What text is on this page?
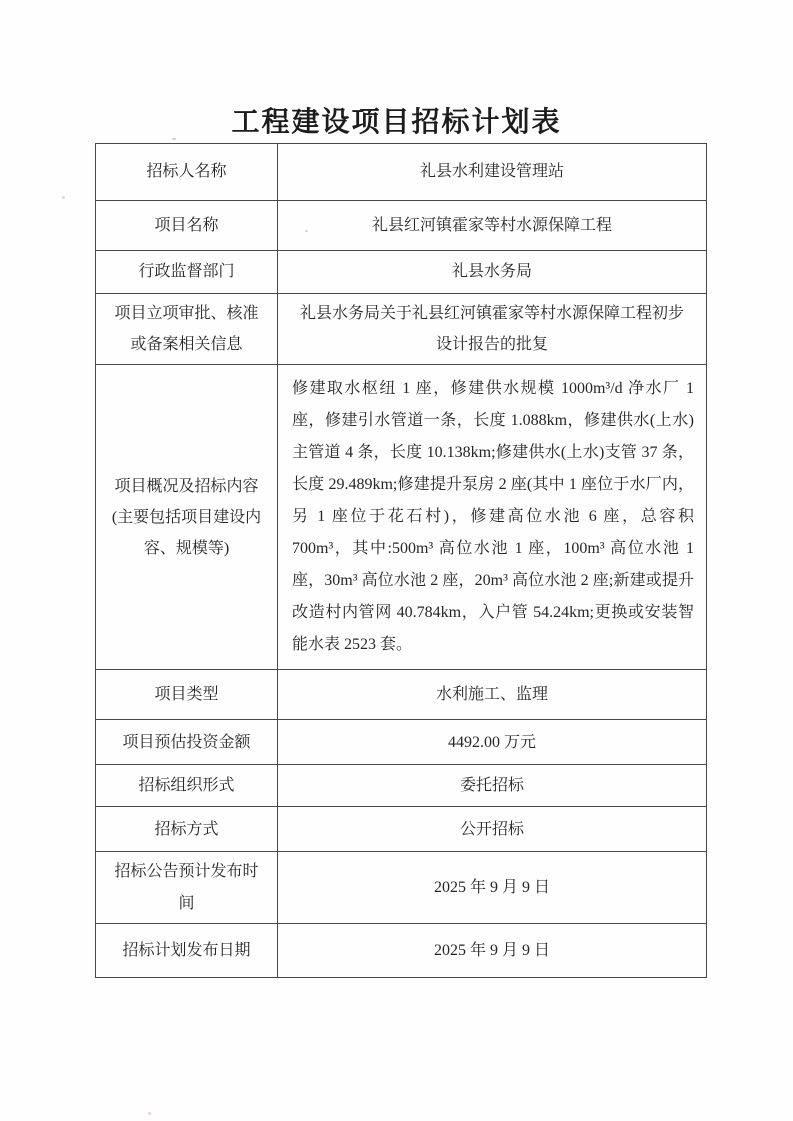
工程建设项目招标计划表
招标人名称	礼县水利建设管理站
项目名称	礼县红河镇霍家等村水源保障工程
行政监督部门	礼县水务局
项目立项审批、核准或备案相关信息	礼县水务局关于礼县红河镇霍家等村水源保障工程初步设计报告的批复
项目概况及招标内容(主要包括项目建设内容、规模等)	修建取水枢纽 1 座，修建供水规模 1000m³/d 净水厂 1 座，修建引水管道一条，长度 1.088km，修建供水(上水)主管道 4 条，长度 10.138km;修建供水(上水)支管 37 条，长度 29.489km;修建提升泵房 2 座(其中 1 座位于水厂内，另 1 座位于花石村)，修建高位水池 6 座，总容积 700m³，其中:500m³ 高位水池 1 座，100m³ 高位水池 1 座，30m³ 高位水池 2 座，20m³ 高位水池 2 座;新建或提升改造村内管网 40.784km，入户管 54.24km;更换或安装智能水表 2523 套。
项目类型	水利施工、监理
项目预估投资金额	4492.00 万元
招标组织形式	委托招标
招标方式	公开招标
招标公告预计发布时间	2025 年 9 月 9 日
招标计划发布日期	2025 年 9 月 9 日
